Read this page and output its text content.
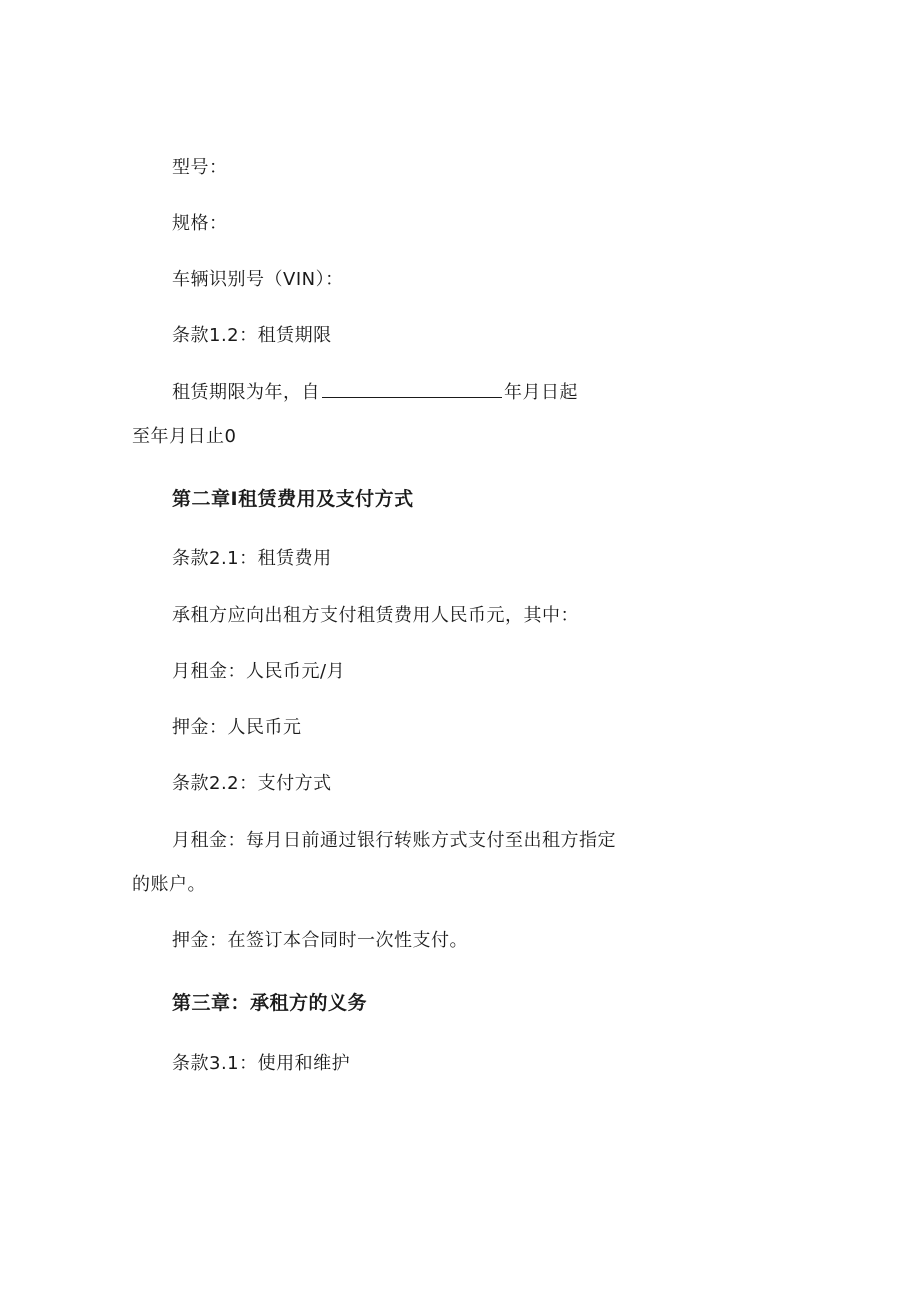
型号：
规格：
车辆识别号（VIN）：
条款1.2：租赁期限
租赁期限为年，自	年月日起
至年月日止0
第二章I租赁费用及支付方式
条款2.1：租赁费用
承租方应向出租方支付租赁费用人民币元，其中：
月租金：人民币元/月
押金：人民币元
条款2.2：支付方式
月租金：每月日前通过银行转账方式支付至出租方指定
的账户。
押金：在签订本合同时一次性支付。
第三章：承租方的义务
条款3.1：使用和维护
